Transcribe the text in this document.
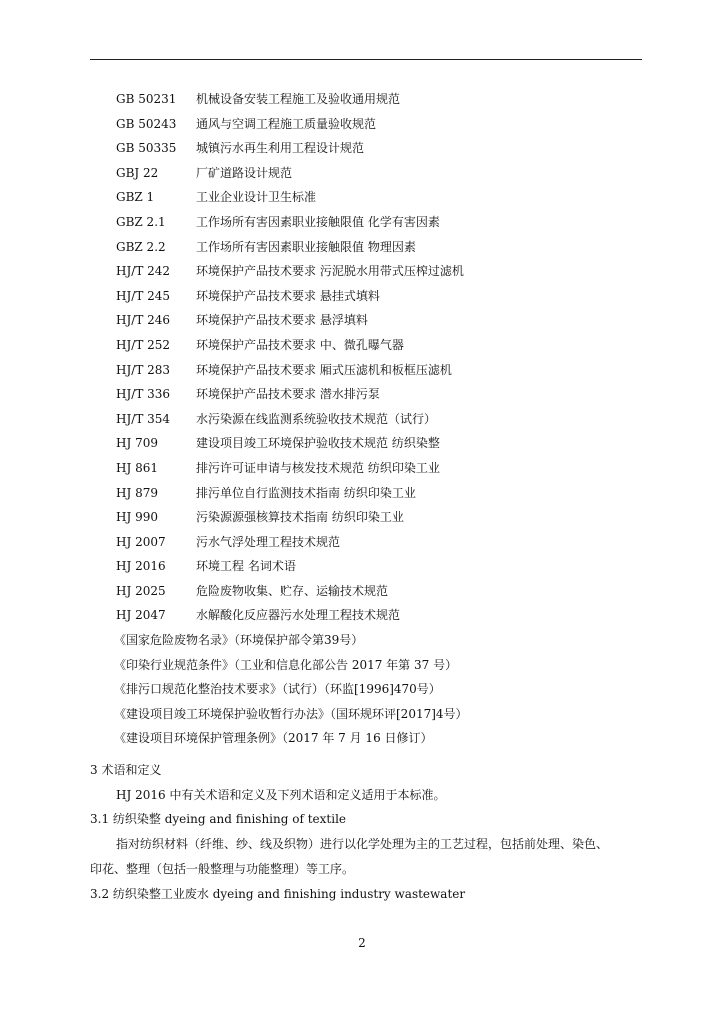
GB 50231 机械设备安装工程施工及验收通用规范
GB 50243 通风与空调工程施工质量验收规范
GB 50335 城镇污水再生利用工程设计规范
GBJ 22	厂矿道路设计规范
GBZ 1	工业企业设计卫生标准
GBZ 2.1	工作场所有害因素职业接触限值 化学有害因素
GBZ 2.2	工作场所有害因素职业接触限值 物理因素
HJ/T 242 环境保护产品技术要求 污泥脱水用带式压榨过滤机
HJ/T 245 环境保护产品技术要求 悬挂式填料
HJ/T 246 环境保护产品技术要求 悬浮填料
HJ/T 252 环境保护产品技术要求 中、微孔曝气器
HJ/T 283 环境保护产品技术要求 厢式压滤机和板框压滤机
HJ/T 336 环境保护产品技术要求 潜水排污泵
HJ/T 354 水污染源在线监测系统验收技术规范（试行）
HJ 709	建设项目竣工环境保护验收技术规范 纺织染整
HJ 861	排污许可证申请与核发技术规范 纺织印染工业
HJ 879	排污单位自行监测技术指南 纺织印染工业
HJ 990	污染源源强核算技术指南 纺织印染工业
HJ 2007	污水气浮处理工程技术规范
HJ 2016	环境工程 名词术语
HJ 2025	危险废物收集、贮存、运输技术规范
HJ 2047	水解酸化反应器污水处理工程技术规范
《国家危险废物名录》（环境保护部令第39号）
《印染行业规范条件》（工业和信息化部公告 2017 年第 37 号）
《排污口规范化整治技术要求》（试行）（环监[1996]470号）
《建设项目竣工环境保护验收暂行办法》（国环规环评[2017]4号）
《建设项目环境保护管理条例》（2017 年 7 月 16 日修订）
3 术语和定义
HJ 2016 中有关术语和定义及下列术语和定义适用于本标准。
3.1 纺织染整 dyeing and finishing of textile
指对纺织材料（纤维、纱、线及织物）进行以化学处理为主的工艺过程，包括前处理、染色、
印花、整理（包括一般整理与功能整理）等工序。
3.2 纺织染整工业废水 dyeing and finishing industry wastewater
2
